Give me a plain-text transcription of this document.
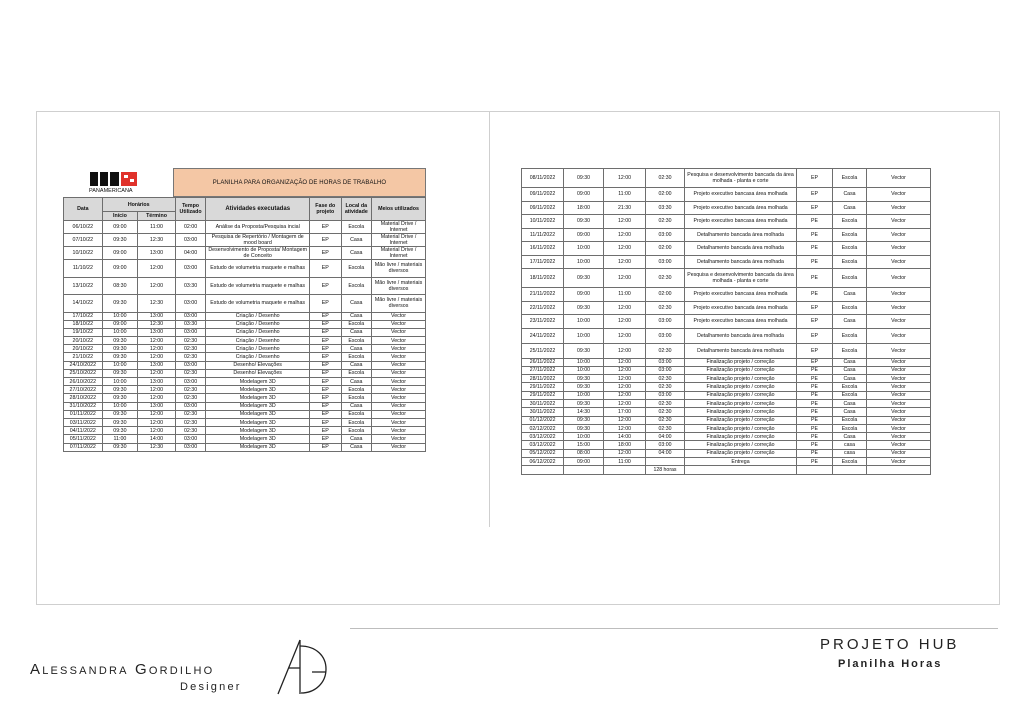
PANAMERICANA
PLANILHA PARA ORGANIZAÇÃO DE HORAS DE TRABALHO
Data	Horários		Tempo Utilizado	Atividades executadas	Fase do projeto	Local da atividade	Meios utilizados
	Início	Término					
06/10/22	09:00	11:00	02:00	Análise da Proposta/Pesquisa incial	EP	Escola	Material Drive / Internet
07/10/22	09:30	12:30	03:00	Pesquisa de Repertório / Montagem de mood board	EP	Casa	Material Drive / Internet
10/10/22	09:00	13:00	04:00	Desenvolvimento de Proposta/ Montagem de Conceito	EP	Casa	Material Drive / Internet
11/10/22	09:00	12:00	03:00	Estudo de volumetria maquete e malhas	EP	Escola	Mão livre / materiais diversos
13/10/22	08:30	12:00	03:30	Estudo de volumetria maquete e malhas	EP	Escola	Mão livre / materiais diversos
14/10/22	09:30	12:30	03:00	Estudo de volumetria maquete e malhas	EP	Casa	Mão livre / materiais diversos
17/10/22	10:00	13:00	03:00	Criação / Desenho	EP	Casa	Vector
18/10/22	09:00	12:30	03:30	Criação / Desenho	EP	Escola	Vector
19/10/22	10:00	13:00	03:00	Criação / Desenho	EP	Casa	Vector
20/10/22	09:30	12:00	02:30	Criação / Desenho	EP	Escola	Vector
20/10/22	09:30	12:00	02:30	Criação / Desenho	EP	Casa	Vector
21/10/22	09:30	12:00	02:30	Criação / Desenho	EP	Escola	Vector
24/10/2022	10:00	13:00	03:00	Desenho/ Elevações	EP	Casa	Vector
25/10/2022	09:30	12:00	02:30	Desenho/ Elevações	EP	Escola	Vector
26/10/2022	10:00	13:00	03:00	Modelagem 3D	EP	Casa	Vector
27/10/2022	09:30	12:00	02:30	Modelagem 3D	EP	Escola	Vector
28/10/2022	09:30	12:00	02:30	Modelagem 3D	EP	Escola	Vector
31/10/2022	10:00	13:00	03:00	Modelagem 3D	EP	Casa	Vector
01/11/2022	09:30	12:00	02:30	Modelagem 3D	EP	Escola	Vector
03/11/2022	09:30	12:00	02:30	Modelagem 3D	EP	Escola	Vector
04/11/2022	09:30	12:00	02:30	Modelagem 3D	EP	Escola	Vector
05/11/2022	11:00	14:00	03:00	Modelagem 3D	EP	Casa	Vector
07/11/2022	09:30	12:30	03:00	Modelagem 3D	EP	Casa	Vector
08/11/2022	09:30	12:00	02:30	Pesquisa e desenvolvimento bancada da área molhada - planta e corte	EP	Escola	Vector
09/11/2022	09:00	11:00	02:00	Projeto executivo bancasa área molhada	EP	Casa	Vector
09/11/2022	18:00	21:30	03:30	Projeto executivo bancada área molhada	EP	Casa	Vector
10/11/2022	09:30	12:00	02:30	Projeto executivo bancasa área molhada	PE	Escola	Vector
11/11/2022	09:00	12:00	03:00	Detalhamento bancada área molhada	PE	Escola	Vector
16/11/2022	10:00	12:00	02:00	Detalhamento bancada área molhada	PE	Escola	Vector
17/11/2022	10:00	12:00	03:00	Detalhamento bancada área molhada	PE	Escola	Vector
18/11/2022	09:30	12:00	02:30	Pesquisa e desenvolvimento bancada da área molhada - planta e corte	PE	Escola	Vector
21/11/2022	09:00	11:00	02:00	Projeto executivo bancasa área molhada	PE	Casa	Vector
22/11/2022	09:30	12:00	02:30	Projeto executivo bancada área molhada	EP	Escola	Vector
23/11/2022	10:00	12:00	03:00	Projeto executivo bancasa área molhada	EP	Casa	Vector
24/11/2022	10:00	12:00	03:00	Detalhamento bancada área molhada	EP	Escola	Vector
25/11/2022	09:30	12:00	02:30	Detalhamento bancada área molhada	EP	Escola	Vector
26/11/2022	10:00	12:00	03:00	Finalização projeto / correção	EP	Casa	Vector
27/11/2022	10:00	12:00	03:00	Finalização projeto / correção	PE	Casa	Vector
28/11/2022	09:30	12:00	02:30	Finalização projeto / correção	PE	Casa	Vector
29/11/2022	09:30	12:00	02:30	Finalização projeto / correção	PE	Escola	Vector
29/11/2022	10:00	12:00	03:00	Finalização projeto / correção	PE	Escola	Vector
30/11/2022	09:30	12:00	02:30	Finalização projeto / correção	PE	Casa	Vector
30/11/2022	14:30	17:00	02:30	Finalização projeto / correção	PE	Casa	Vector
01/12/2022	09:30	12:00	02:30	Finalização projeto / correção	PE	Escola	Vector
02/12/2022	09:30	12:00	02:30	Finalização projeto / correção	PE	Escola	Vector
03/12/2022	10:00	14:00	04:00	Finalização projeto / correção	PE	Casa	Vector
03/12/2022	15:00	18:00	03:00	Finalização projeto / correção	PE	casa	Vector
05/12/2022	08:00	12:00	04:00	Finalização projeto / correção	PE	casa	Vector
06/12/2022	09:00	11:00		Entrega	PE	Escola	Vector
			128 horas				
Alessandra Gordilho
Designer
PROJETO HUB
Planilha Horas
